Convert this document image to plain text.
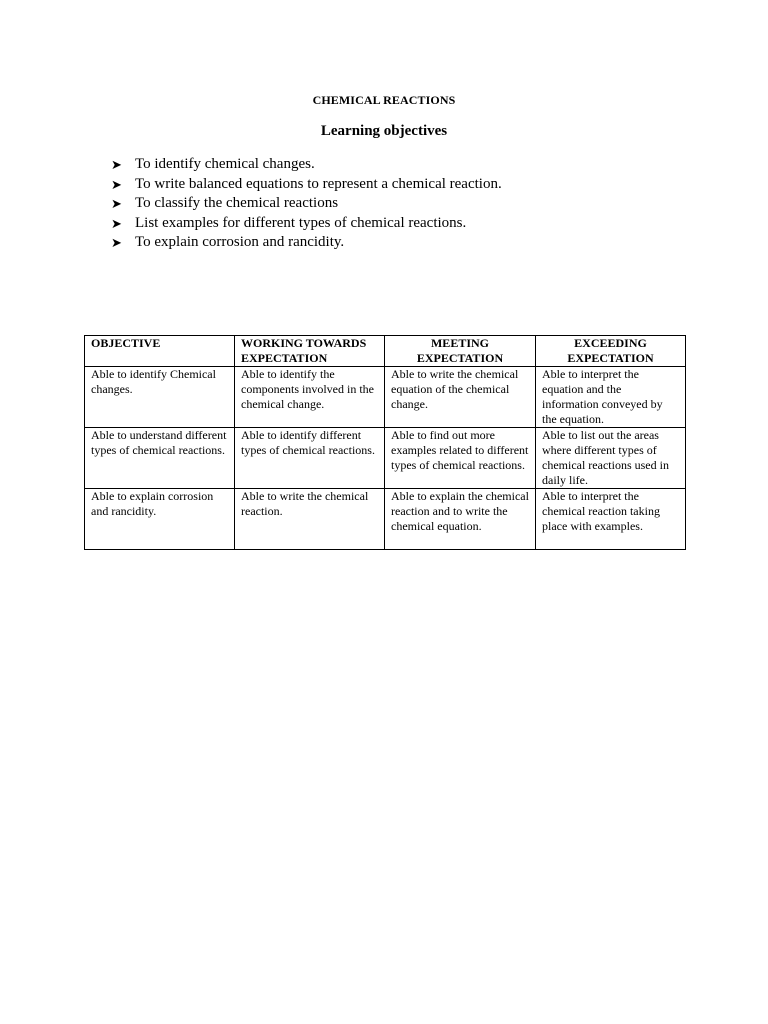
CHEMICAL REACTIONS
Learning objectives
➤ To identify chemical changes.
➤ To write balanced equations to represent a chemical reaction.
➤ To classify the chemical reactions
➤ List examples for different types of chemical reactions.
➤ To explain corrosion and rancidity.
OBJECTIVE	WORKING TOWARDS EXPECTATION	MEETING EXPECTATION	EXCEEDING EXPECTATION
Able to identify Chemical changes.	Able to identify the components involved in the chemical change.	Able to write the chemical equation of the chemical change.	Able to interpret the equation and the information conveyed by the equation.
Able to understand different types of chemical reactions.	Able to identify different types of chemical reactions.	Able to find out more examples related to different types of chemical reactions.	Able to list out the areas where different types of chemical reactions used in daily life.
Able to explain corrosion and rancidity.	Able to write the chemical reaction.	Able to explain the chemical reaction and to write the chemical equation.	Able to interpret the chemical reaction taking place with examples.
